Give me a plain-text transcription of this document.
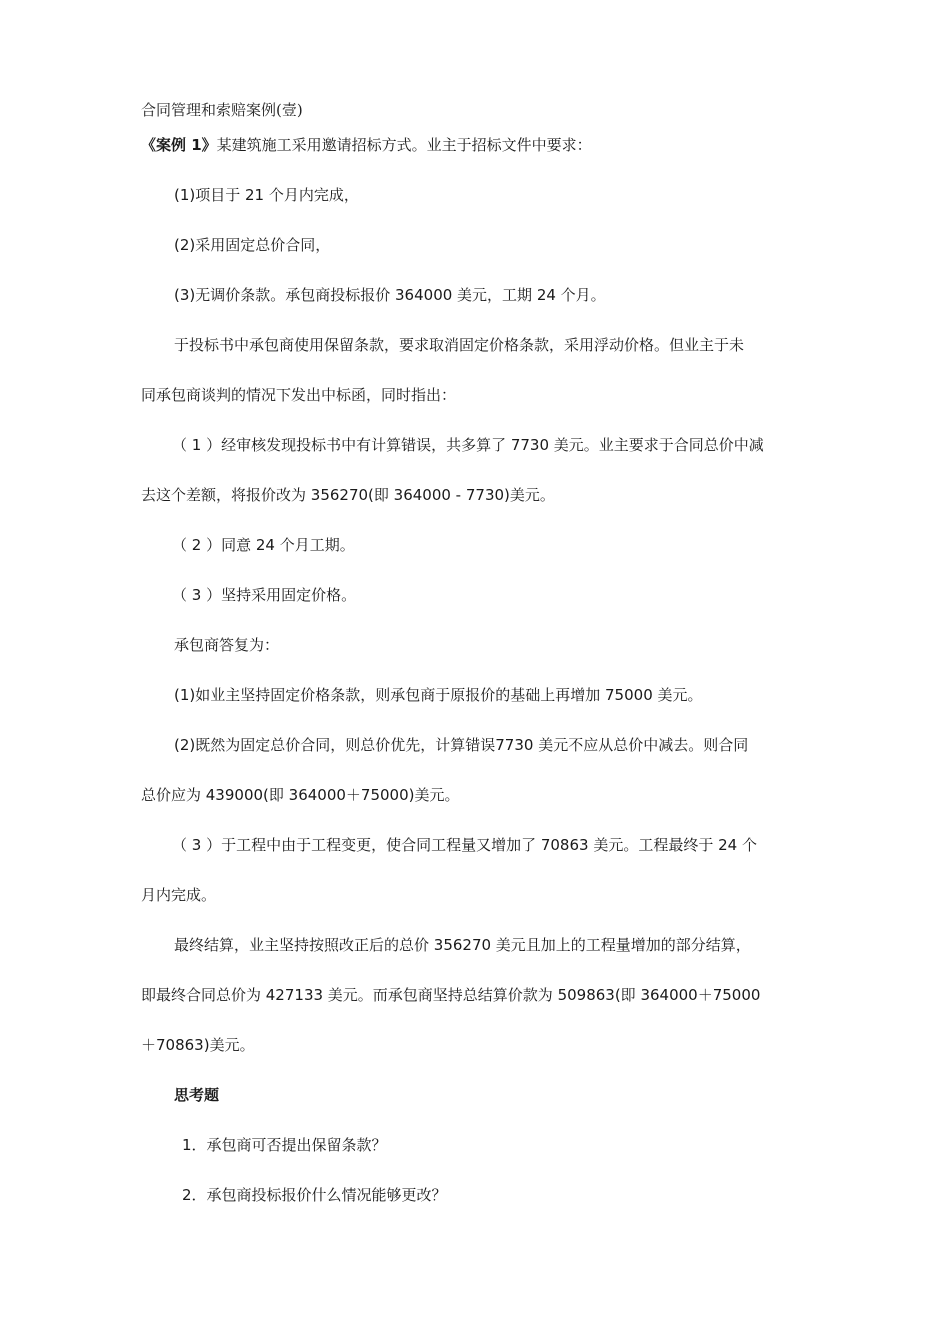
合同管理和索赔案例(壹)
《案例 1》某建筑施工采用邀请招标方式。业主于招标文件中要求：
(1)项目于 21 个月内完成，
(2)采用固定总价合同，
(3)无调价条款。承包商投标报价 364000 美元，工期 24 个月。
于投标书中承包商使用保留条款，要求取消固定价格条款，采用浮动价格。但业主于未
同承包商谈判的情况下发出中标函，同时指出：
（ 1 ）经审核发现投标书中有计算错误，共多算了 7730 美元。业主要求于合同总价中减
去这个差额，将报价改为 356270(即 364000 - 7730)美元。
（ 2 ）同意 24 个月工期。
（ 3 ）坚持采用固定价格。
承包商答复为：
(1)如业主坚持固定价格条款，则承包商于原报价的基础上再增加 75000 美元。
(2)既然为固定总价合同，则总价优先，计算错误7730 美元不应从总价中减去。则合同
总价应为 439000(即 364000＋75000)美元。
（ 3 ）于工程中由于工程变更，使合同工程量又增加了 70863 美元。工程最终于 24 个
月内完成。
最终结算，业主坚持按照改正后的总价 356270 美元且加上的工程量增加的部分结算，
即最终合同总价为 427133 美元。而承包商坚持总结算价款为 509863(即 364000＋75000
＋70863)美元。
思考题
1．承包商可否提出保留条款？
2．承包商投标报价什么情况能够更改？
